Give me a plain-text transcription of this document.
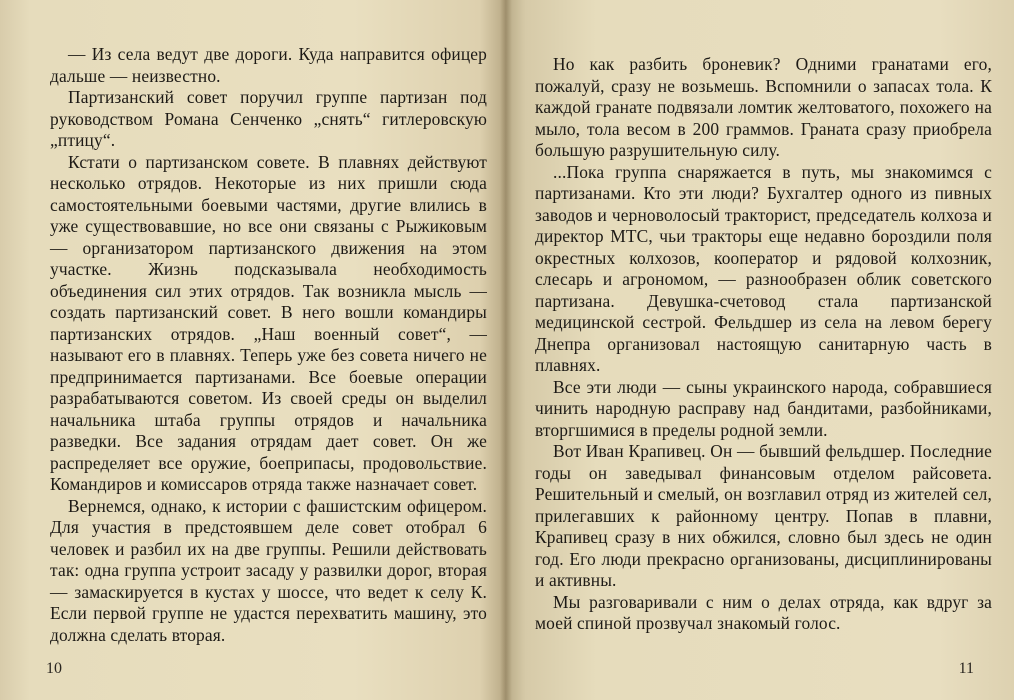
— Из села ведут две дороги. Куда направится офицер дальше — неизвестно.

Партизанский совет поручил группе партизан под руководством Романа Сенченко „снять“ гитлеровскую „птицу“.

Кстати о партизанском совете. В плавнях действуют несколько отрядов. Некоторые из них пришли сюда самостоятельными боевыми частями, другие влились в уже существовавшие, но все они связаны с Рыжиковым — организатором партизанского движения на этом участке. Жизнь подсказывала необходимость объединения сил этих отрядов. Так возникла мысль — создать партизанский совет. В него вошли командиры партизанских отрядов. „Наш военный совет“, — называют его в плавнях. Теперь уже без совета ничего не предпринимается партизанами. Все боевые операции разрабатываются советом. Из своей среды он выделил начальника штаба группы отрядов и начальника разведки. Все задания отрядам дает совет. Он же распределяет все оружие, боеприпасы, продовольствие. Командиров и комиссаров отряда также назначает совет.

Вернемся, однако, к истории с фашистским офицером. Для участия в предстоявшем деле совет отобрал 6 человек и разбил их на две группы. Решили действовать так: одна группа устроит засаду у развилки дорог, вторая — замаскируется в кустах у шоссе, что ведет к селу К. Если первой группе не удастся перехватить машину, это должна сделать вторая.

10

Но как разбить броневик? Одними гранатами его, пожалуй, сразу не возьмешь. Вспомнили о запасах тола. К каждой гранате подвязали ломтик желтоватого, похожего на мыло, тола весом в 200 граммов. Граната сразу приобрела большую разрушительную силу.

...Пока группа снаряжается в путь, мы знакомимся с партизанами. Кто эти люди? Бухгалтер одного из пивных заводов и черноволосый тракторист, председатель колхоза и директор МТС, чьи тракторы еще недавно бороздили поля окрестных колхозов, кооператор и рядовой колхозник, слесарь и агрономом, — разнообразен облик советского партизана. Девушка-счетовод стала партизанской медицинской сестрой. Фельдшер из села на левом берегу Днепра организовал настоящую санитарную часть в плавнях.

Все эти люди — сыны украинского народа, собравшиеся чинить народную расправу над бандитами, разбойниками, вторгшимися в пределы родной земли.

Вот Иван Крапивец. Он — бывший фельдшер. Последние годы он заведывал финансовым отделом райсовета. Решительный и смелый, он возглавил отряд из жителей сел, прилегавших к районному центру. Попав в плавни, Крапивец сразу в них обжился, словно был здесь не один год. Его люди прекрасно организованы, дисциплинированы и активны.

Мы разговаривали с ним о делах отряда, как вдруг за моей спиной прозвучал знакомый голос.

11
